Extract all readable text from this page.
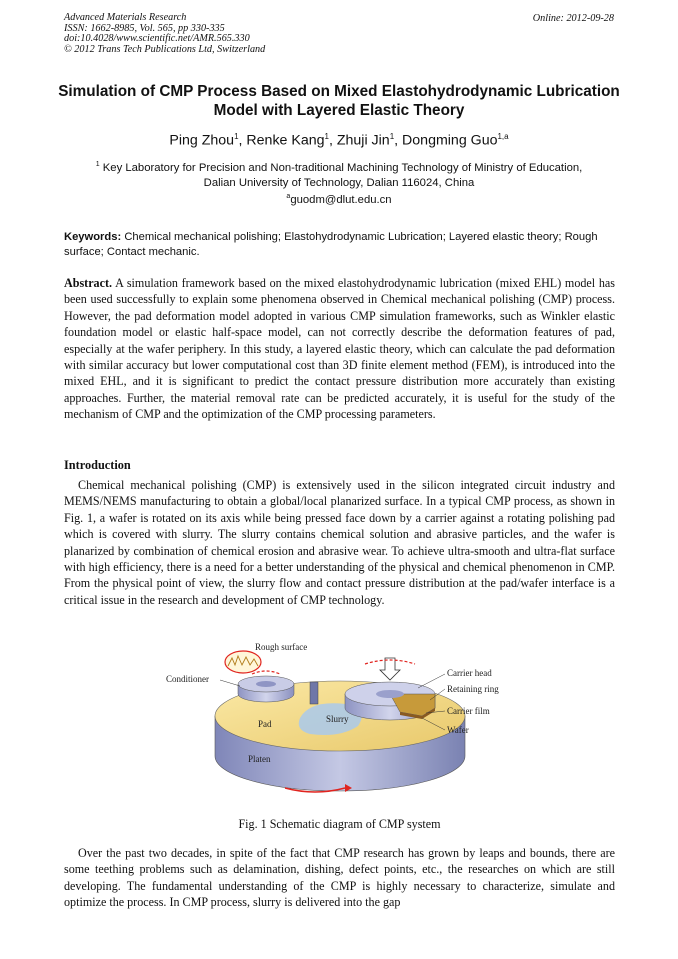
Advanced Materials Research
ISSN: 1662-8985, Vol. 565, pp 330-335
doi:10.4028/www.scientific.net/AMR.565.330
© 2012 Trans Tech Publications Ltd, Switzerland
Online: 2012-09-28
Simulation of CMP Process Based on Mixed Elastohydrodynamic Lubrication Model with Layered Elastic Theory
Ping Zhou$^1$, Renke Kang$^1$, Zhuji Jin$^1$, Dongming Guo$^{1,a}$
$^1$ Key Laboratory for Precision and Non-traditional Machining Technology of Ministry of Education,
Dalian University of Technology, Dalian 116024, China
$^a$guodm@dlut.edu.cn
Keywords: Chemical mechanical polishing; Elastohydrodynamic Lubrication; Layered elastic theory; Rough surface; Contact mechanic.
Abstract. A simulation framework based on the mixed elastohydrodynamic lubrication (mixed EHL) model has been used successfully to explain some phenomena observed in Chemical mechanical polishing (CMP) process. However, the pad deformation model adopted in various CMP simulation frameworks, such as Winkler elastic foundation model or elastic half-space model, can not correctly describe the deformation features of pad, especially at the wafer periphery. In this study, a layered elastic theory, which can calculate the pad deformation with similar accuracy but lower computational cost than 3D finite element method (FEM), is introduced into the mixed EHL, and it is significant to predict the contact pressure distribution more accurately than existing approaches. Further, the material removal rate can be predicted accurately, it is useful for the study of the mechanism of CMP and the optimization of the CMP processing parameters.
Introduction
Chemical mechanical polishing (CMP) is extensively used in the silicon integrated circuit industry and MEMS/NEMS manufacturing to obtain a global/local planarized surface. In a typical CMP process, as shown in Fig. 1, a wafer is rotated on its axis while being pressed face down by a carrier against a rotating polishing pad which is covered with slurry. The slurry contains chemical solution and abrasive particles, and the wafer is planarized by combination of chemical erosion and abrasive wear. To achieve ultra-smooth and ultra-flat surface with high efficiency, there is a need for a better understanding of the physical and chemical phenomenon in CMP. From the physical point of view, the slurry flow and contact pressure distribution at the pad/wafer interface is a critical issue in the research and development of CMP technology.
Rough surface
Conditioner
Carrier head
Retaining ring
Carrier film
Wafer
Pad	Slurry
Platen
Fig. 1 Schematic diagram of CMP system
Over the past two decades, in spite of the fact that CMP research has grown by leaps and bounds, there are some teething problems such as delamination, dishing, defect points, etc., the researches on which are still developing. The fundamental understanding of the CMP is highly necessary to characterize, simulate and optimize the process. In CMP process, slurry is delivered into the gap
